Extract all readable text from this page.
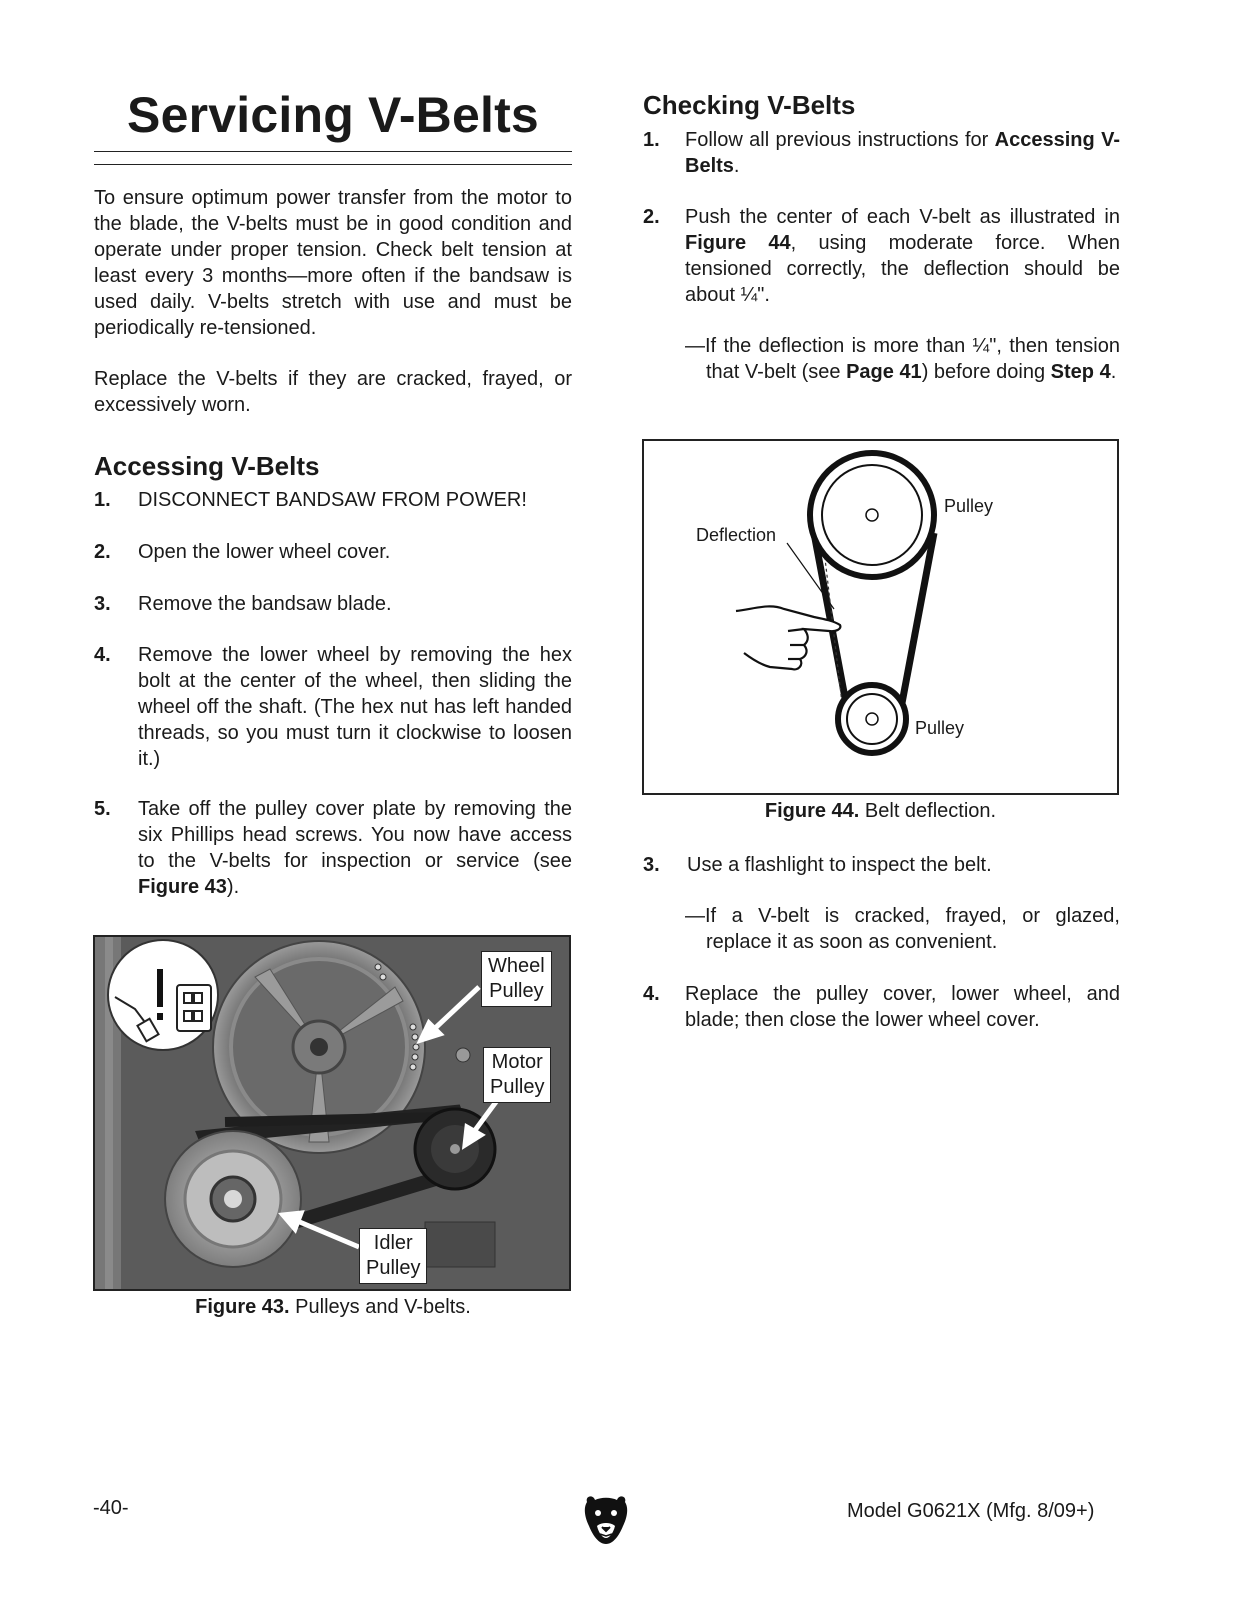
Servicing V-Belts

To ensure optimum power transfer from the motor to the blade, the V-belts must be in good condition and operate under proper tension. Check belt tension at least every 3 months—more often if the bandsaw is used daily. V-belts stretch with use and must be periodically re-tensioned.

Replace the V-belts if they are cracked, frayed, or excessively worn.

Accessing V-Belts
1. DISCONNECT BANDSAW FROM POWER!
2. Open the lower wheel cover.
3. Remove the bandsaw blade.
4. Remove the lower wheel by removing the hex bolt at the center of the wheel, then sliding the wheel off the shaft. (The hex nut has left handed threads, so you must turn it clockwise to loosen it.)
5. Take off the pulley cover plate by removing the six Phillips head screws. You now have access to the V-belts for inspection or service (see Figure 43).
Wheel
Pulley
Motor
Pulley
Idler
Pulley
Figure 43. Pulleys and V-belts.
Checking V-Belts
1. Follow all previous instructions for Accessing V-Belts.
2. Push the center of each V-belt as illustrated in Figure 44, using moderate force. When tensioned correctly, the deflection should be about ¼".
—If the deflection is more than ¼", then tension that V-belt (see Page 41) before doing Step 4.
Pulley
Deflection
Pulley
Figure 44. Belt deflection.
3. Use a flashlight to inspect the belt.
—If a V-belt is cracked, frayed, or glazed, replace it as soon as convenient.
4. Replace the pulley cover, lower wheel, and blade; then close the lower wheel cover.
-40-	Model G0621X (Mfg. 8/09+)
